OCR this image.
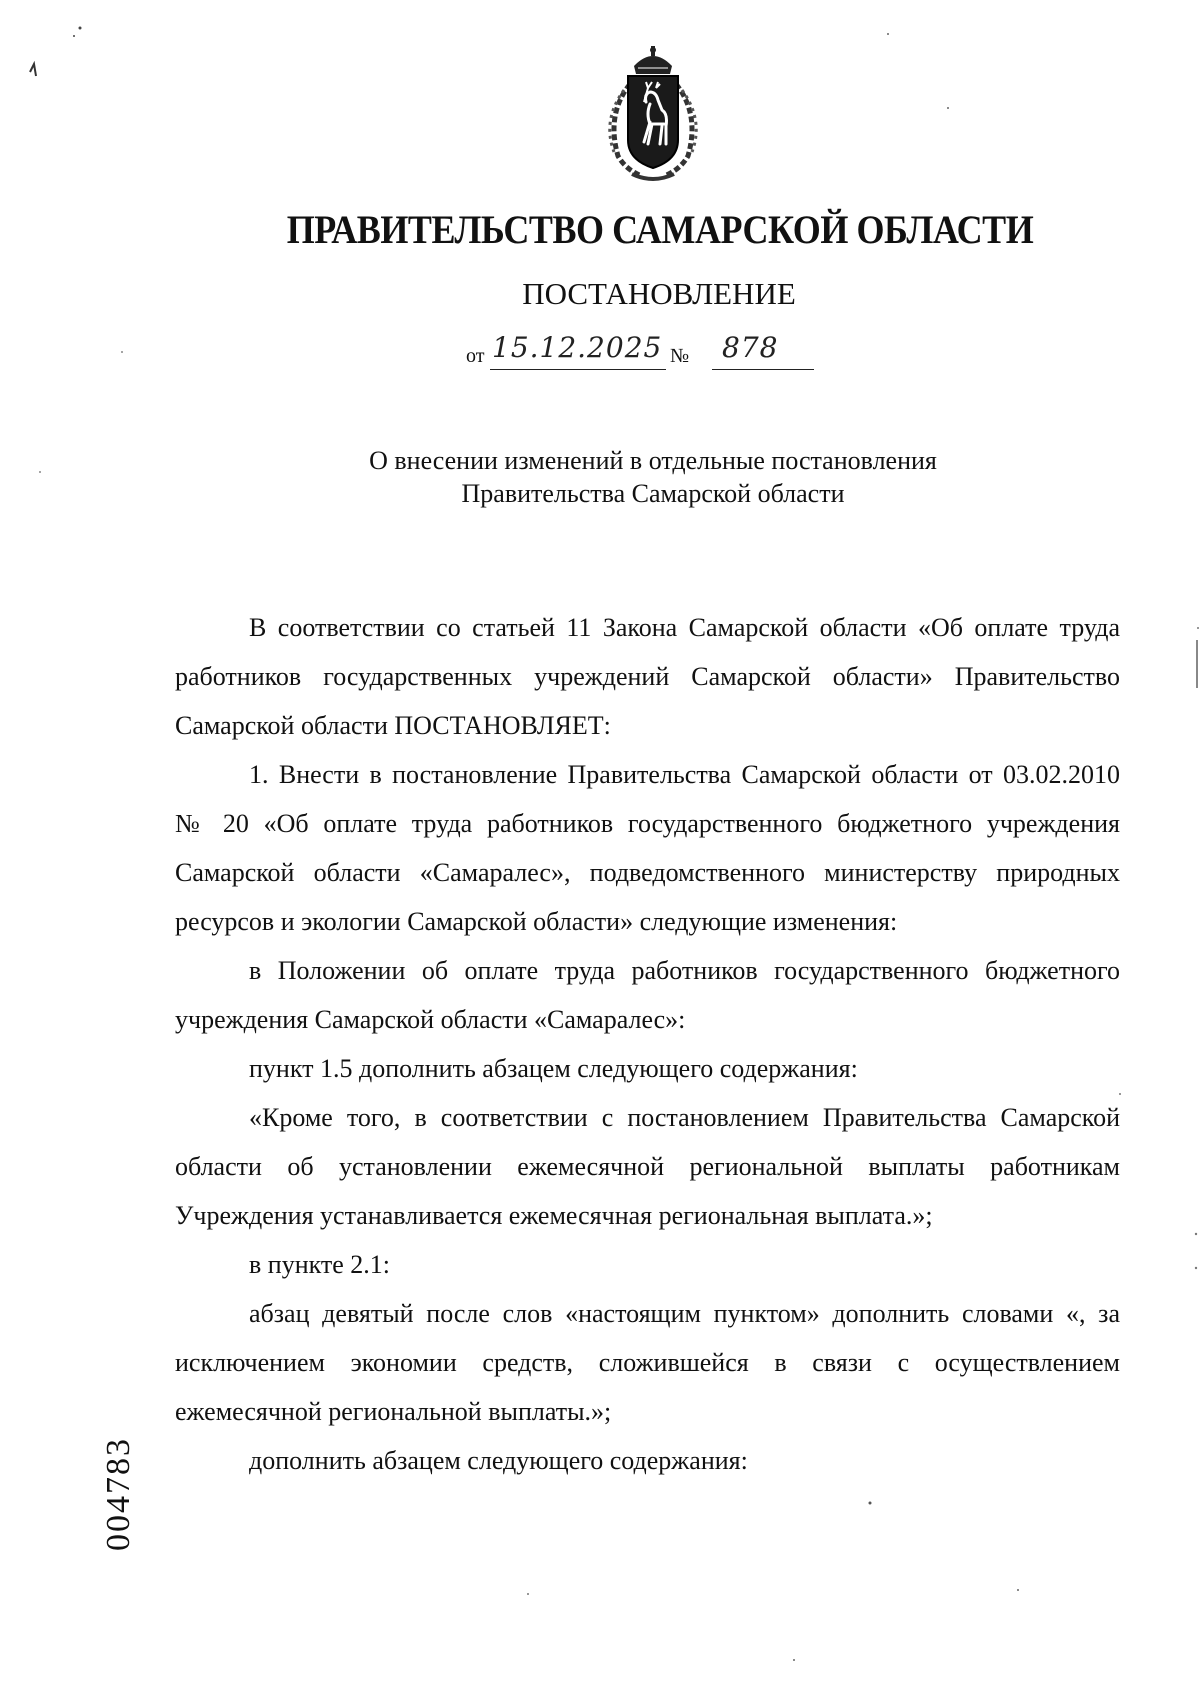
ПРАВИТЕЛЬСТВО САМАРСКОЙ ОБЛАСТИ
ПОСТАНОВЛЕНИЕ
от 15.12.2025 № 878
О внесении изменений в отдельные постановления
Правительства Самарской области

В соответствии со статьей 11 Закона Самарской области «Об оплате труда работников государственных учреждений Самарской области» Правительство Самарской области ПОСТАНОВЛЯЕТ:

1. Внести в постановление Правительства Самарской области от 03.02.2010 № 20 «Об оплате труда работников государственного бюджетного учреждения Самарской области «Самаралес», подведомственного министерству природных ресурсов и экологии Самарской области» следующие изменения:

в Положении об оплате труда работников государственного бюджетного учреждения Самарской области «Самаралес»:

пункт 1.5 дополнить абзацем следующего содержания:

«Кроме того, в соответствии с постановлением Правительства Самарской области об установлении ежемесячной региональной выплаты работникам Учреждения устанавливается ежемесячная региональная выплата.»;

в пункте 2.1:

абзац девятый после слов «настоящим пунктом» дополнить словами «, за исключением экономии средств, сложившейся в связи с осуществлением ежемесячной региональной выплаты.»;

дополнить абзацем следующего содержания:

004783
